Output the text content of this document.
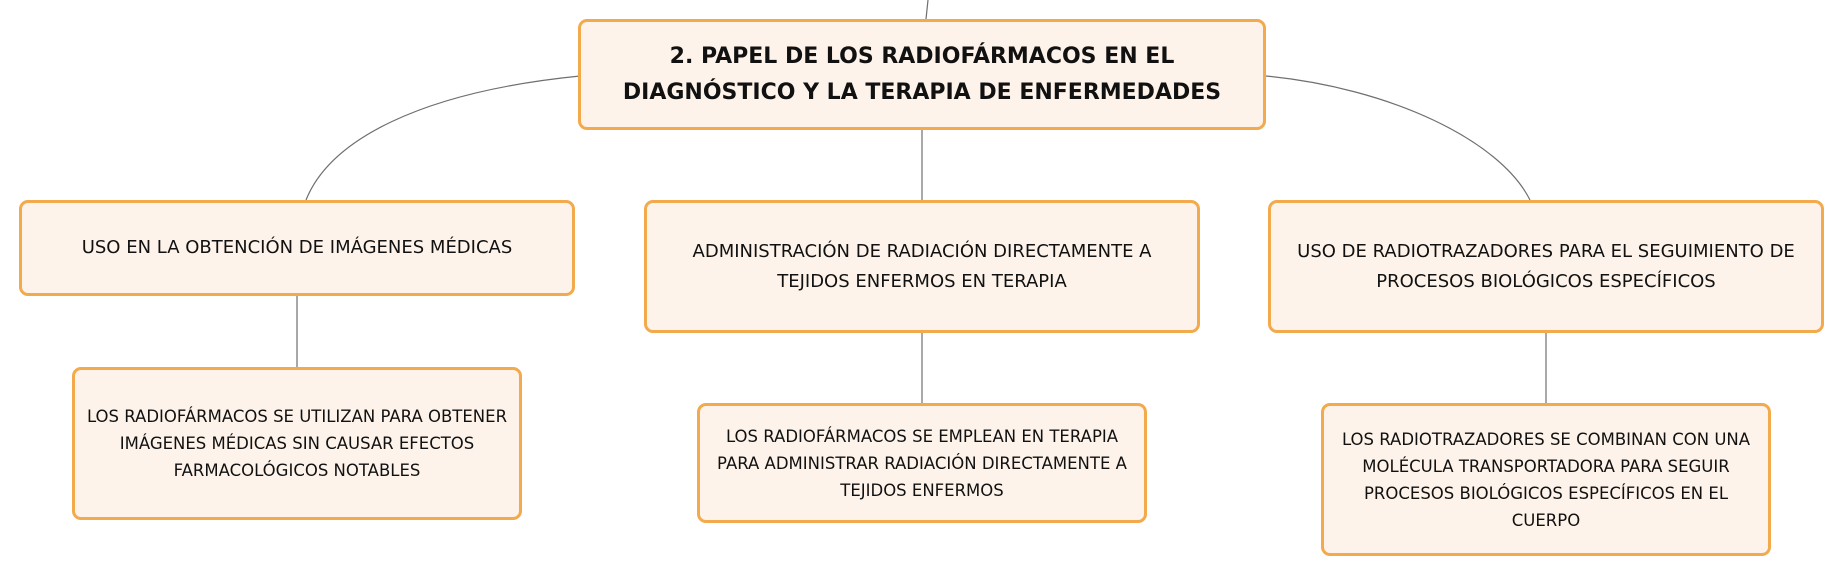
2. PAPEL DE LOS RADIOFÁRMACOS EN EL DIAGNÓSTICO Y LA TERAPIA DE ENFERMEDADES
USO EN LA OBTENCIÓN DE IMÁGENES MÉDICAS	ADMINISTRACIÓN DE RADIACIÓN DIRECTAMENTE A TEJIDOS ENFERMOS EN TERAPIA
USO DE RADIOTRAZADORES PARA EL SEGUIMIENTO DE PROCESOS BIOLÓGICOS ESPECÍFICOS
LOS RADIOFÁRMACOS SE UTILIZAN PARA OBTENER IMÁGENES MÉDICAS SIN CAUSAR EFECTOS FARMACOLÓGICOS NOTABLES
LOS RADIOFÁRMACOS SE EMPLEAN EN TERAPIA PARA ADMINISTRAR RADIACIÓN DIRECTAMENTE A TEJIDOS ENFERMOS
LOS RADIOTRAZADORES SE COMBINAN CON UNA MOLÉCULA TRANSPORTADORA PARA SEGUIR PROCESOS BIOLÓGICOS ESPECÍFICOS EN EL CUERPO
